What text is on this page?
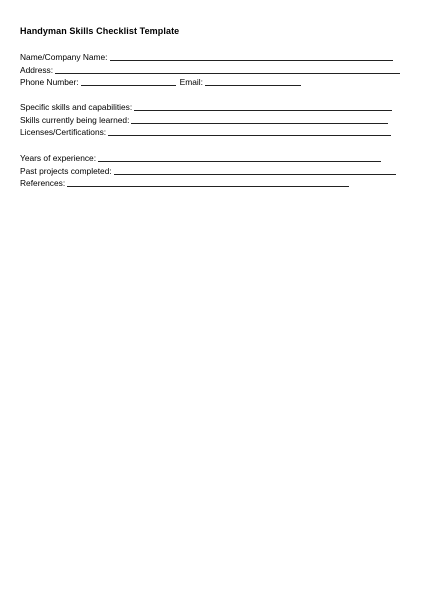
Handyman Skills Checklist Template
Name/Company Name:
Address:
Phone Number:	Email:
Specific skills and capabilities:
Skills currently being learned:
Licenses/Certifications:
Years of experience:
Past projects completed:
References:
